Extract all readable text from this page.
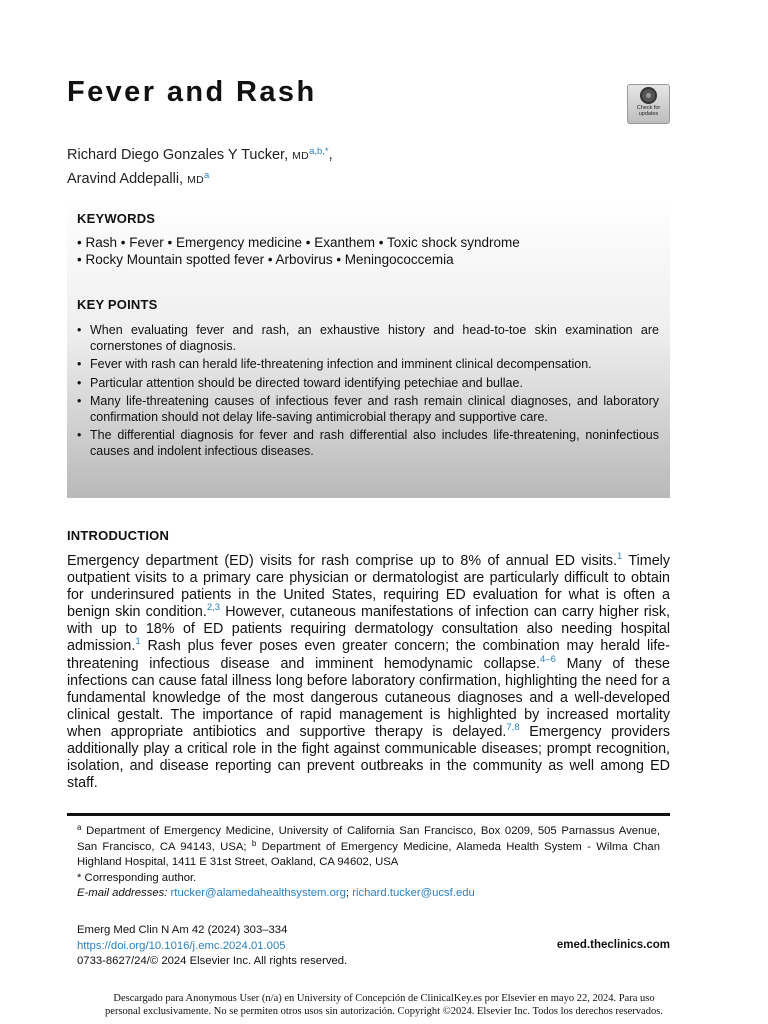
Fever and Rash	Check for
updates
Richard Diego Gonzales Y Tucker, MD$^{a,b,*}$,
Aravind Addepalli, MD$^a$
KEYWORDS
• Rash • Fever • Emergency medicine • Exanthem • Toxic shock syndrome
• Rocky Mountain spotted fever • Arbovirus • Meningococcemia
KEY POINTS
• When evaluating fever and rash, an exhaustive history and head-to-toe skin examination are cornerstones of diagnosis.
• Fever with rash can herald life-threatening infection and imminent clinical decompensation.
• Particular attention should be directed toward identifying petechiae and bullae.
• Many life-threatening causes of infectious fever and rash remain clinical diagnoses, and laboratory confirmation should not delay life-saving antimicrobial therapy and supportive care.
• The differential diagnosis for fever and rash differential also includes life-threatening, noninfectious causes and indolent infectious diseases.
INTRODUCTION

Emergency department (ED) visits for rash comprise up to 8% of annual ED visits.$^1$ Timely outpatient visits to a primary care physician or dermatologist are particularly difficult to obtain for underinsured patients in the United States, requiring ED evaluation for what is often a benign skin condition.$^{2,3}$ However, cutaneous manifestations of infection can carry higher risk, with up to 18% of ED patients requiring dermatology consultation also needing hospital admission.$^1$ Rash plus fever poses even greater concern; the combination may herald life-threatening infectious disease and imminent hemodynamic collapse.$^{4-6}$ Many of these infections can cause fatal illness long before laboratory confirmation, highlighting the need for a fundamental knowledge of the most dangerous cutaneous diagnoses and a well-developed clinical gestalt. The importance of rapid management is highlighted by increased mortality when appropriate antibiotics and supportive therapy is delayed.$^{7,8}$ Emergency providers additionally play a critical role in the fight against communicable diseases; prompt recognition, isolation, and disease reporting can prevent outbreaks in the community as well among ED staff.

$^a$ Department of Emergency Medicine, University of California San Francisco, Box 0209, 505 Parnassus Avenue, San Francisco, CA 94143, USA; $^b$ Department of Emergency Medicine, Alameda Health System - Wilma Chan Highland Hospital, 1411 E 31st Street, Oakland, CA 94602, USA
* Corresponding author.
E-mail addresses: rtucker@alamedahealthsystem.org; richard.tucker@ucsf.edu
Emerg Med Clin N Am 42 (2024) 303–334
https://doi.org/10.1016/j.emc.2024.01.005
0733-8627/24/© 2024 Elsevier Inc. All rights reserved.
emed.theclinics.com
Descargado para Anonymous User (n/a) en University of Concepción de ClinicalKey.es por Elsevier en mayo 22, 2024. Para uso
personal exclusivamente. No se permiten otros usos sin autorización. Copyright ©2024. Elsevier Inc. Todos los derechos reservados.
